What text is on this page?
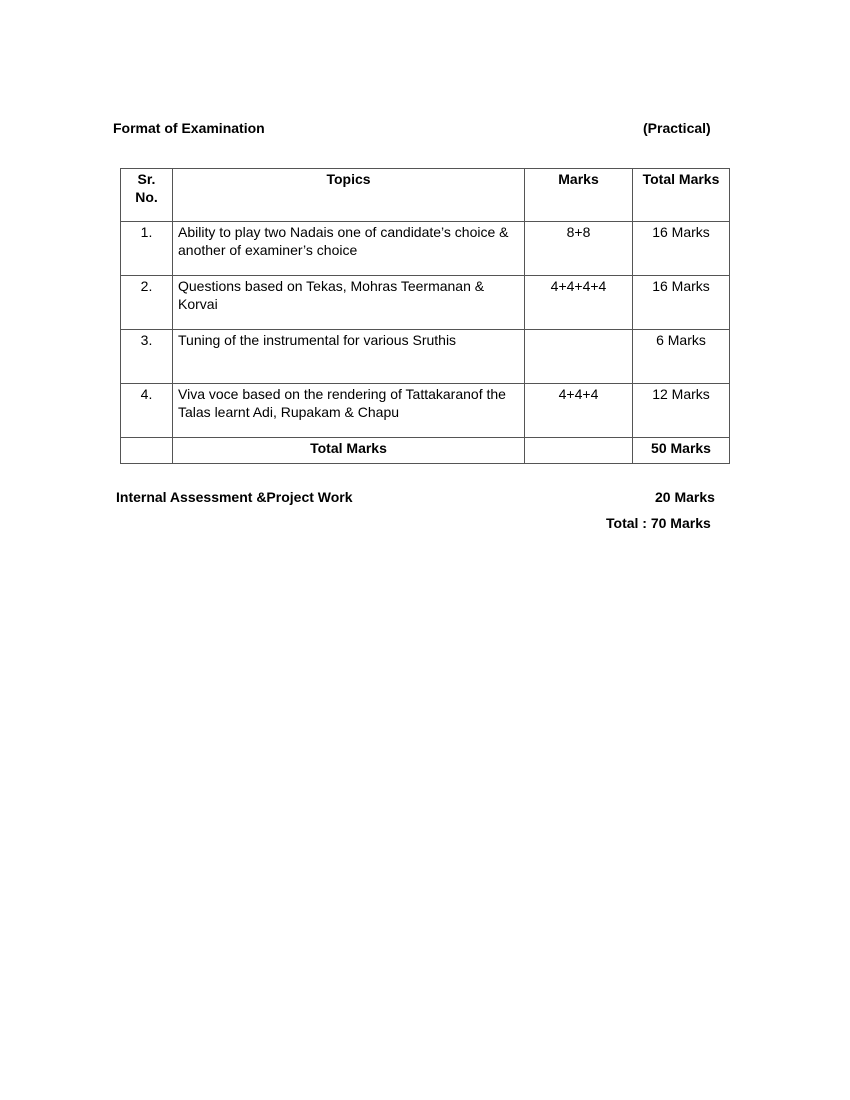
Format of Examination	(Practical)
Sr. No.	Topics	Marks	Total Marks
1.	Ability to play two Nadais one of candidate’s choice & another of examiner’s choice	8+8	16 Marks
2.	Questions based on Tekas, Mohras Teermanan & Korvai	4+4+4+4	16 Marks
3.	Tuning of the instrumental for various Sruthis		6 Marks
4.	Viva voce based on the rendering of Tattakaranof the Talas learnt Adi, Rupakam & Chapu	4+4+4	12 Marks
	Total Marks		50 Marks
Internal Assessment &Project Work	20 Marks
Total : 70 Marks
